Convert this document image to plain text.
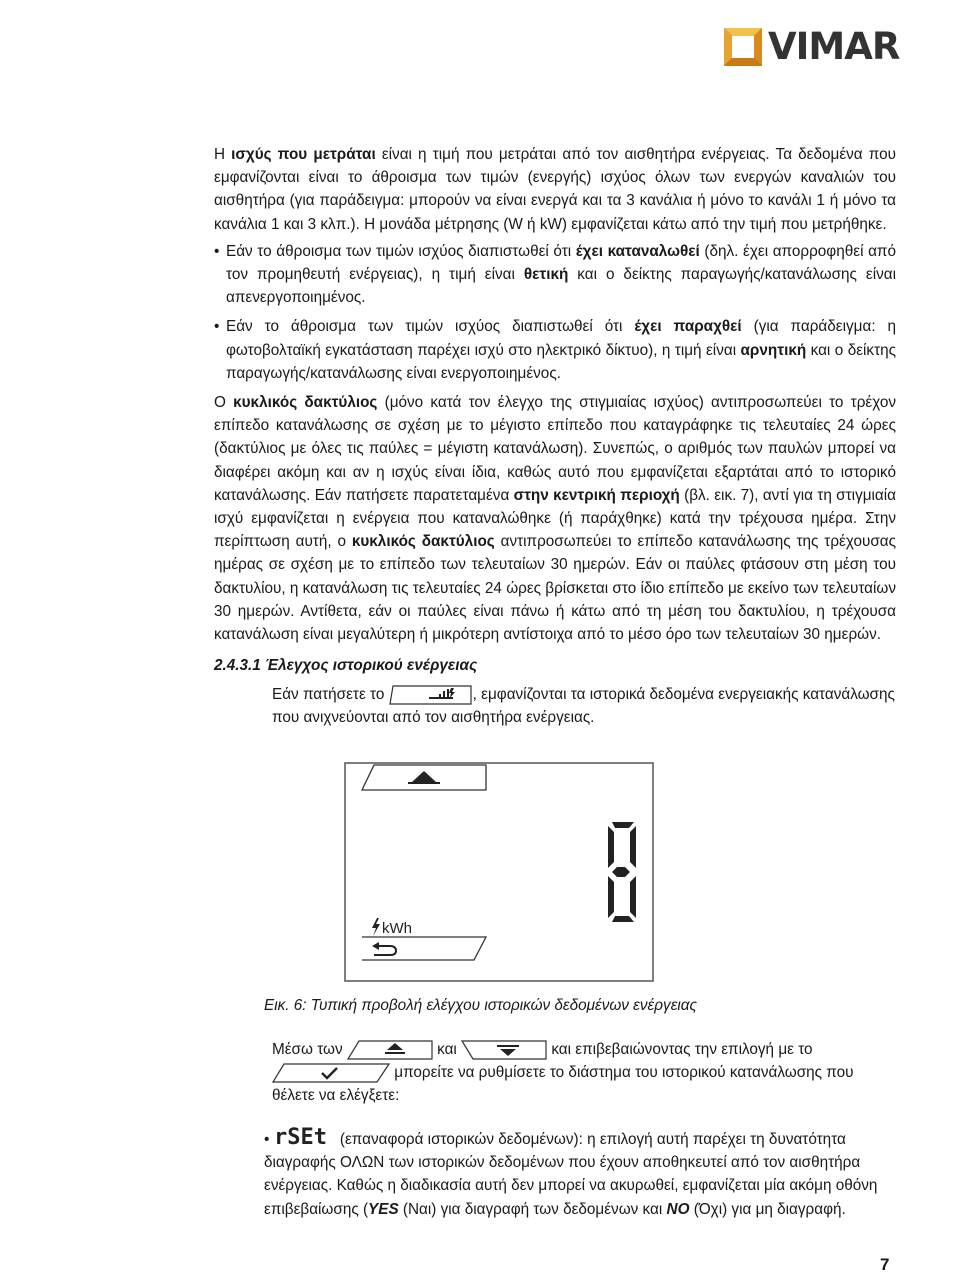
VIMAR

Η ισχύς που μετράται είναι η τιμή που μετράται από τον αισθητήρα ενέργειας. Τα δεδομένα που εμφανίζονται είναι το άθροισμα των τιμών (ενεργής) ισχύος όλων των ενεργών καναλιών του αισθητήρα (για παράδειγμα: μπορούν να είναι ενεργά και τα 3 κανάλια ή μόνο το κανάλι 1 ή μόνο τα κανάλια 1 και 3 κλπ.). Η μονάδα μέτρησης (W ή kW) εμφανίζεται κάτω από την τιμή που μετρήθηκε.

• Εάν το άθροισμα των τιμών ισχύος διαπιστωθεί ότι έχει καταναλωθεί (δηλ. έχει απορροφηθεί από τον προμηθευτή ενέργειας), η τιμή είναι θετική και ο δείκτης παραγωγής/κατανάλωσης είναι απενεργοποιημένος.

• Εάν το άθροισμα των τιμών ισχύος διαπιστωθεί ότι έχει παραχθεί (για παράδειγμα: η φωτοβολταϊκή εγκατάσταση παρέχει ισχύ στο ηλεκτρικό δίκτυο), η τιμή είναι αρνητική και ο δείκτης παραγωγής/κατανάλωσης είναι ενεργοποιημένος.

Ο κυκλικός δακτύλιος (μόνο κατά τον έλεγχο της στιγμιαίας ισχύος) αντιπροσωπεύει το τρέχον επίπεδο κατανάλωσης σε σχέση με το μέγιστο επίπεδο που καταγράφηκε τις τελευταίες 24 ώρες (δακτύλιος με όλες τις παύλες = μέγιστη κατανάλωση). Συνεπώς, ο αριθμός των παυλών μπορεί να διαφέρει ακόμη και αν η ισχύς είναι ίδια, καθώς αυτό που εμφανίζεται εξαρτάται από το ιστορικό κατανάλωσης. Εάν πατήσετε παρατεταμένα στην κεντρική περιοχή (βλ. εικ. 7), αντί για τη στιγμιαία ισχύ εμφανίζεται η ενέργεια που καταναλώθηκε (ή παράχθηκε) κατά την τρέχουσα ημέρα. Στην περίπτωση αυτή, ο κυκλικός δακτύλιος αντιπροσωπεύει το επίπεδο κατανάλωσης της τρέχουσας ημέρας σε σχέση με το επίπεδο των τελευταίων 30 ημερών. Εάν οι παύλες φτάσουν στη μέση του δακτυλίου, η κατανάλωση τις τελευταίες 24 ώρες βρίσκεται στο ίδιο επίπεδο με εκείνο των τελευταίων 30 ημερών. Αντίθετα, εάν οι παύλες είναι πάνω ή κάτω από τη μέση του δακτυλίου, η τρέχουσα κατανάλωση είναι μεγαλύτερη ή μικρότερη αντίστοιχα από το μέσο όρο των τελευταίων 30 ημερών.

2.4.3.1 Έλεγχος ιστορικού ενέργειας
Εάν πατήσετε το	, εμφανίζονται τα ιστορικά δεδομένα ενεργειακής κατανάλωσης που ανιχνεύονται από τον αισθητήρα ενέργειας.
kWh
Εικ. 6: Τυπική προβολή ελέγχου ιστορικών δεδομένων ενέργειας
Μέσω των	και	και επιβεβαιώνοντας την επιλογή με το
μπορείτε να ρυθμίσετε το διάστημα του ιστορικού κατανάλωσης που θέλετε να ελέγξετε:
• rSEt (επαναφορά ιστορικών δεδομένων): η επιλογή αυτή παρέχει τη δυνατότητα διαγραφής ΟΛΩΝ των ιστορικών δεδομένων που έχουν αποθηκευτεί από τον αισθητήρα ενέργειας. Καθώς η διαδικασία αυτή δεν μπορεί να ακυρωθεί, εμφανίζεται μία ακόμη οθόνη επιβεβαίωσης (YES (Ναι) για διαγραφή των δεδομένων και NO (Όχι) για μη διαγραφή.
7
